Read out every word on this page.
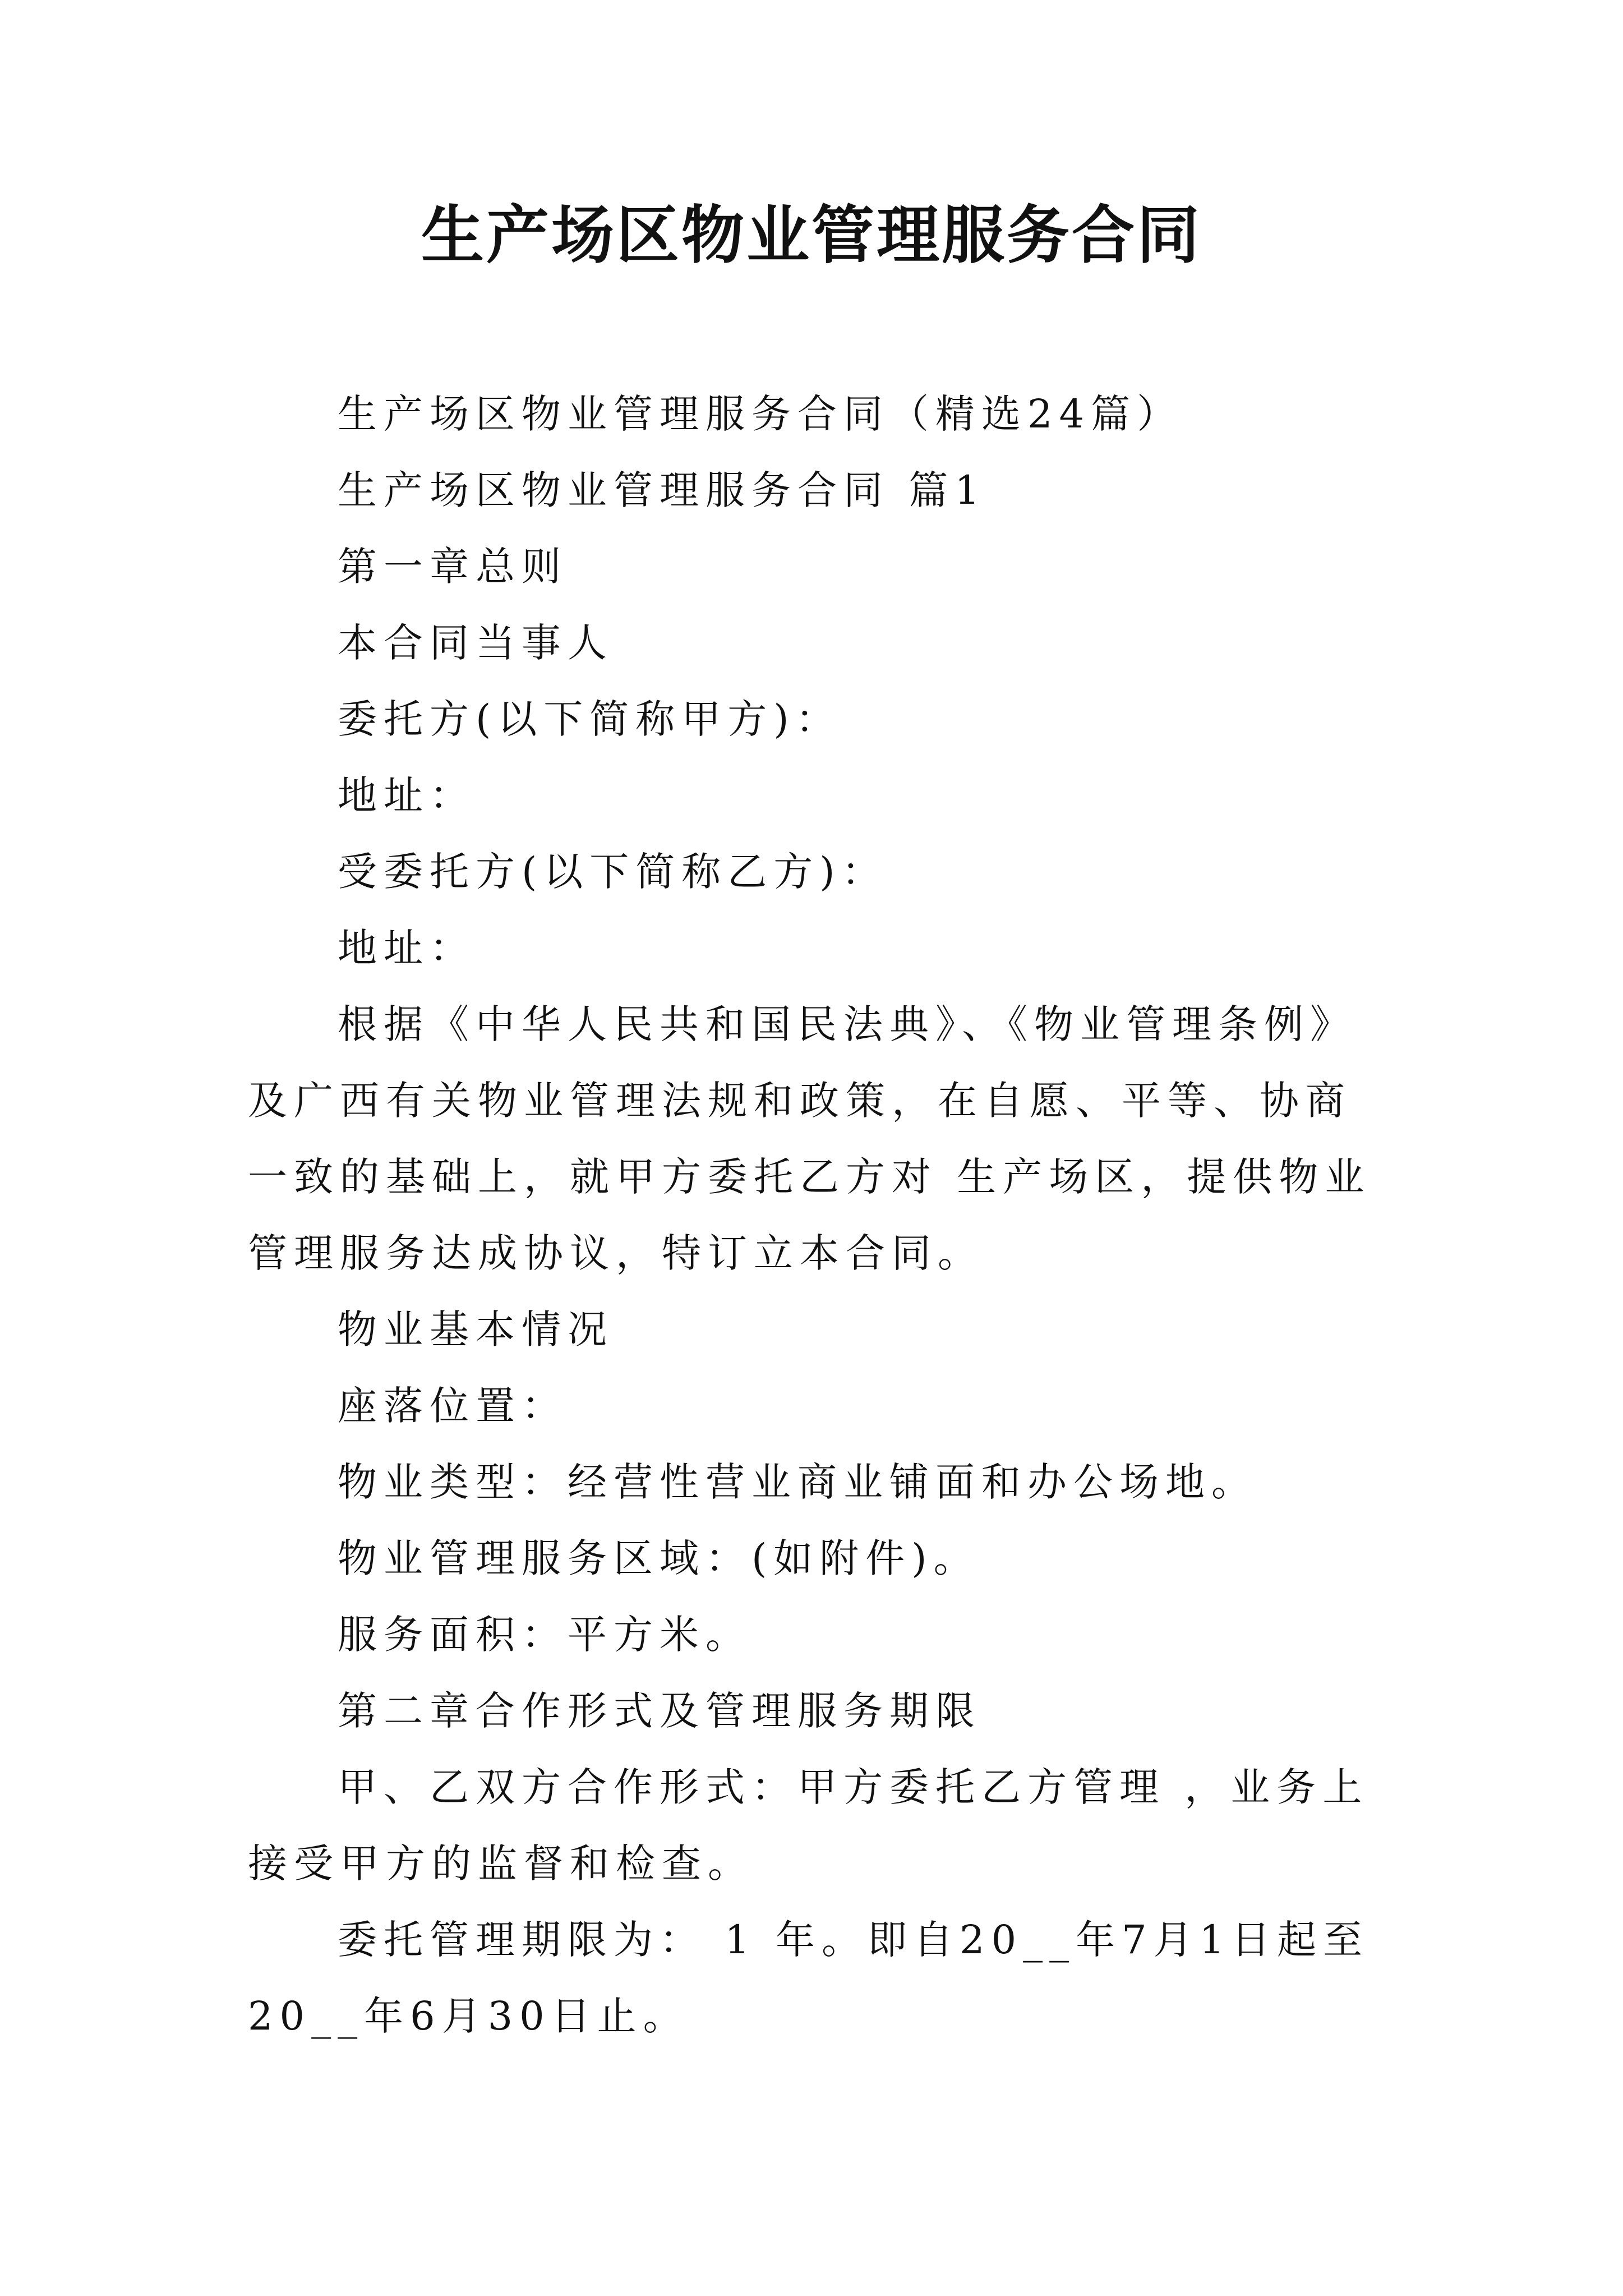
生产场区物业管理服务合同

生产场区物业管理服务合同（精选24篇）

生产场区物业管理服务合同 篇1

第一章总则

本合同当事人

委托方(以下简称甲方)：

地址：

受委托方(以下简称乙方)：

地址：

根据《中华人民共和国民法典》、《物业管理条例》及广西有关物业管理法规和政策，在自愿、平等、协商一致的基础上，就甲方委托乙方对 生产场区，提供物业管理服务达成协议，特订立本合同。

物业基本情况

座落位置：

物业类型：经营性营业商业铺面和办公场地。

物业管理服务区域：(如附件)。

服务面积：平方米。

第二章合作形式及管理服务期限

甲、乙双方合作形式：甲方委托乙方管理 ，业务上接受甲方的监督和检查。

委托管理期限为： 1 年。即自20__年7月1日起至20__年6月30日止。
